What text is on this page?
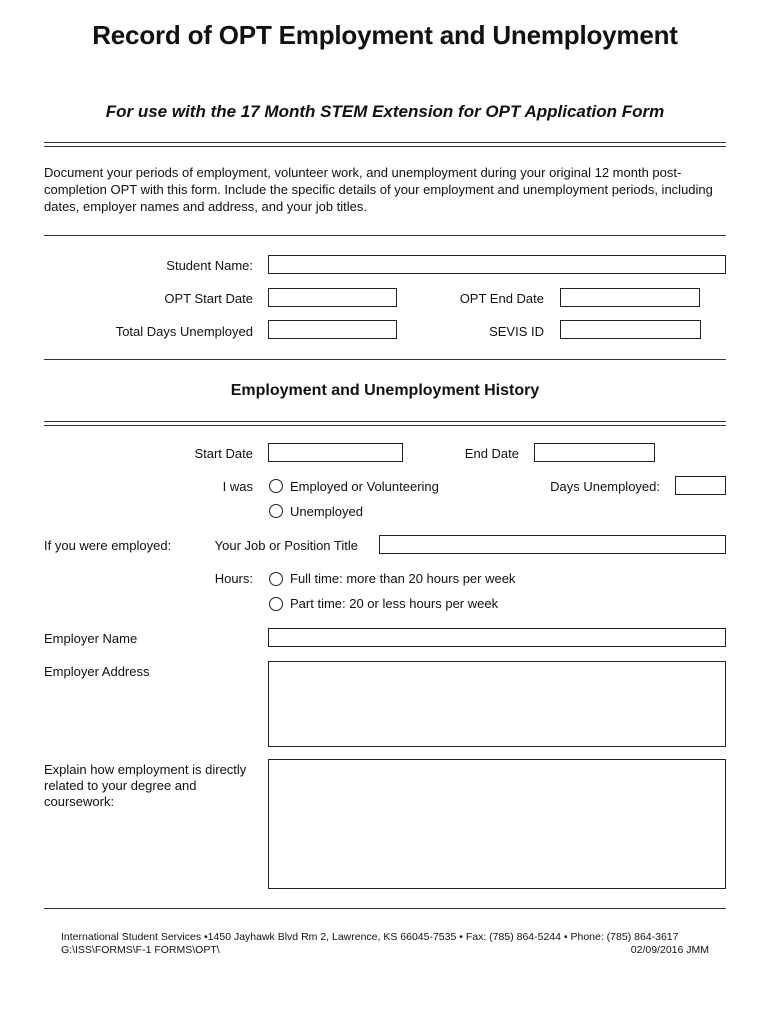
Record of OPT Employment and Unemployment
For use with the 17 Month STEM Extension for OPT Application Form
Document your periods of employment, volunteer work, and unemployment during your original 12 month post-completion OPT with this form. Include the specific details of your employment and unemployment periods, including dates, employer names and address, and your job titles.
Student Name:
OPT Start Date	OPT End Date
Total Days Unemployed	SEVIS ID
Employment and Unemployment History
Start Date	End Date
I was	Employed or Volunteering	Days Unemployed:
Unemployed
If you were employed:	Your Job or Position Title
Hours:	Full time: more than 20 hours per week
Part time: 20 or less hours per week
Employer Name
Employer Address
Explain how employment is directly
related to your degree and
coursework:
International Student Services •1450 Jayhawk Blvd Rm 2, Lawrence, KS 66045-7535 • Fax: (785) 864-5244 • Phone: (785) 864-3617
G:\ISS\FORMS\F-1 FORMS\OPT\	02/09/2016 JMM
